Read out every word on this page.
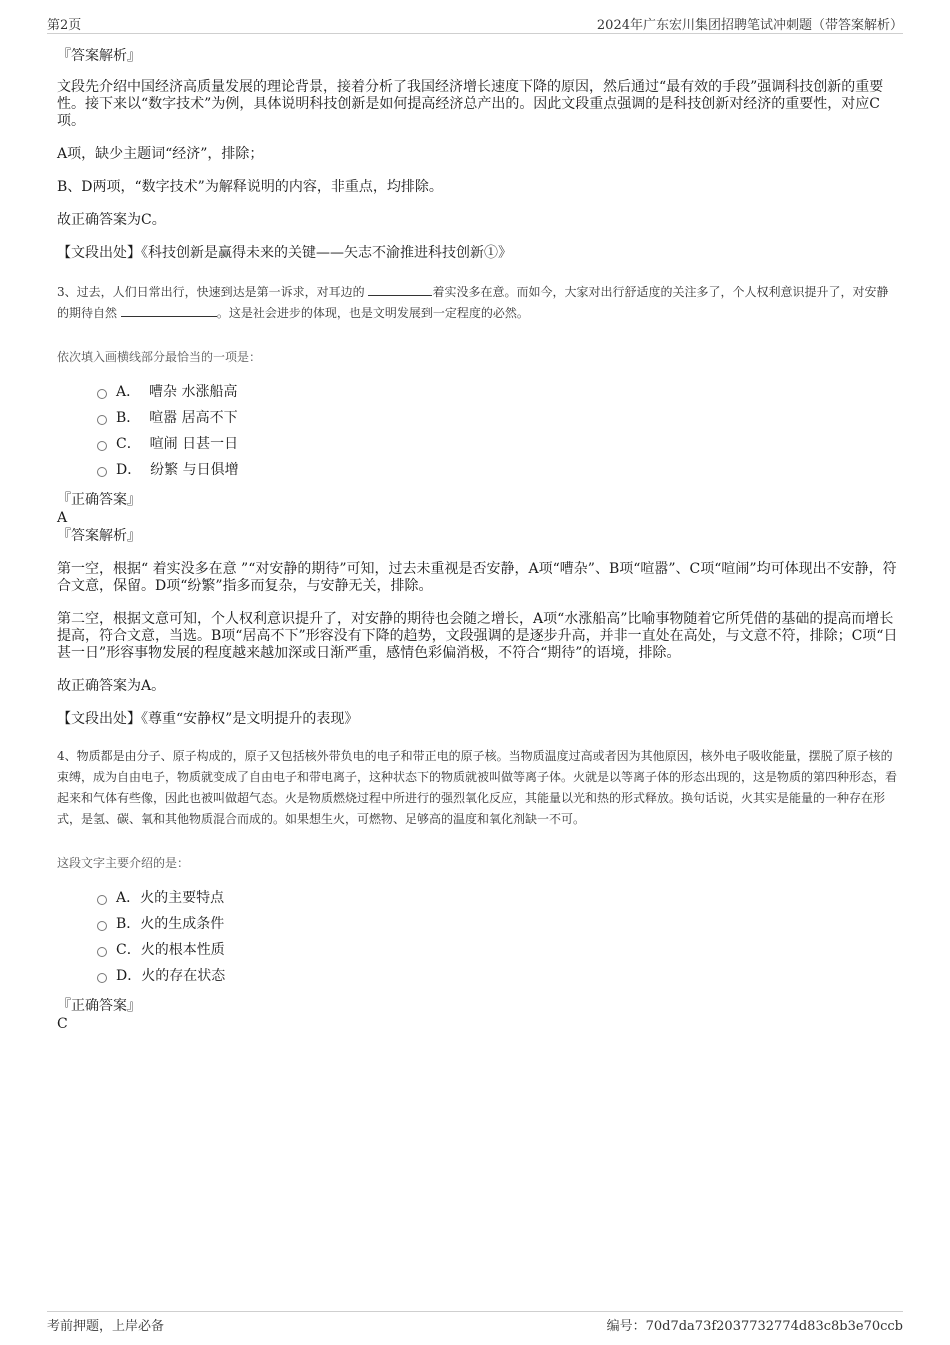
第2页	2024年广东宏川集团招聘笔试冲刺题（带答案解析）

『答案解析』

文段先介绍中国经济高质量发展的理论背景，接着分析了我国经济增长速度下降的原因，然后通过“最有效的手段”强调科技创新的重要性。接下来以“数字技术”为例，具体说明科技创新是如何提高经济总产出的。因此文段重点强调的是科技创新对经济的重要性，对应C项。

A项，缺少主题词“经济”，排除；

B、D两项，“数字技术”为解释说明的内容，非重点，均排除。

故正确答案为C。

【文段出处】《科技创新是赢得未来的关键——矢志不渝推进科技创新①》

3、过去，人们日常出行，快速到达是第一诉求，对耳边的	着实没多在意。而如今，大家对出行舒适度的关注多了，个人权利意识提升了，对安静的期待自然	。这是社会进步的体现，也是文明发展到一定程度的必然。

依次填入画横线部分最恰当的一项是：

A．
嘈杂 水涨船高
B．
喧嚣 居高不下
C．
喧闹 日甚一日
D．
纷繁 与日俱增

『正确答案』

A

『答案解析』

第一空，根据“ 着实没多在意 ”“对安静的期待”可知，过去未重视是否安静，A项“嘈杂”、B项“喧嚣”、C项“喧闹”均可体现出不安静，符合文意，保留。D项“纷繁”指多而复杂，与安静无关，排除。

第二空，根据文意可知，个人权利意识提升了，对安静的期待也会随之增长，A项“水涨船高”比喻事物随着它所凭借的基础的提高而增长提高，符合文意，当选。B项“居高不下”形容没有下降的趋势，文段强调的是逐步升高，并非一直处在高处，与文意不符，排除；C项“日甚一日”形容事物发展的程度越来越加深或日渐严重，感情色彩偏消极，不符合“期待”的语境，排除。

故正确答案为A。

【文段出处】《尊重“安静权”是文明提升的表现》

4、物质都是由分子、原子构成的，原子又包括核外带负电的电子和带正电的原子核。当物质温度过高或者因为其他原因，核外电子吸收能量，摆脱了原子核的束缚，成为自由电子，物质就变成了自由电子和带电离子，这种状态下的物质就被叫做等离子体。火就是以等离子体的形态出现的，这是物质的第四种形态，看起来和气体有些像，因此也被叫做超气态。火是物质燃烧过程中所进行的强烈氧化反应，其能量以光和热的形式释放。换句话说，火其实是能量的一种存在形式，是氢、碳、氧和其他物质混合而成的。如果想生火，可燃物、足够高的温度和氧化剂缺一不可。

这段文字主要介绍的是：

A． 火的主要特点
B． 火的生成条件
C． 火的根本性质
D． 火的存在状态

『正确答案』

C

考前押题，上岸必备	编号：70d7da73f2037732774d83c8b3e70ccb
